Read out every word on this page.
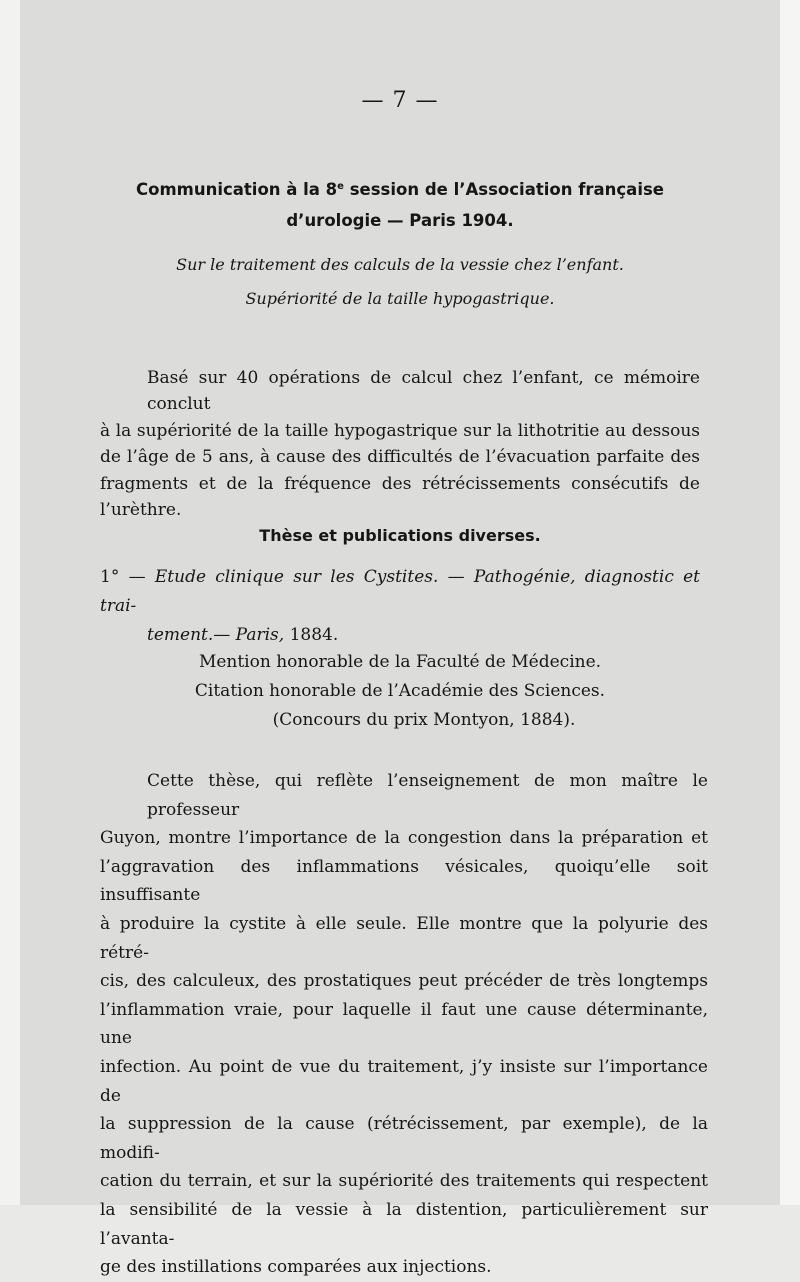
— 7 —
Communication à la 8e session de l’Association française
d’urologie — Paris 1904.
Sur le traitement des calculs de la vessie chez l’enfant.
Supériorité de la taille hypogastrique.
Basé sur 40 opérations de calcul chez l’enfant, ce mémoire conclut
à la supériorité de la taille hypogastrique sur la lithotritie au dessous
de l’âge de 5 ans, à cause des difficultés de l’évacuation parfaite des
fragments et de la fréquence des rétrécissements consécutifs de
l’urèthre.
Thèse et publications diverses.
1° — Etude clinique sur les Cystites. — Pathogénie, diagnostic et trai-
tement.— Paris, 1884.
Mention honorable de la Faculté de Médecine.
Citation honorable de l’Académie des Sciences.
(Concours du prix Montyon, 1884).
Cette thèse, qui reflète l’enseignement de mon maître le professeur
Guyon, montre l’importance de la congestion dans la préparation et
l’aggravation des inflammations vésicales, quoiqu’elle soit insuffisante
à produire la cystite à elle seule. Elle montre que la polyurie des rétré-
cis, des calculeux, des prostatiques peut précéder de très longtemps
l’inflammation vraie, pour laquelle il faut une cause déterminante, une
infection. Au point de vue du traitement, j’y insiste sur l’importance de
la suppression de la cause (rétrécissement, par exemple), de la modifi-
cation du terrain, et sur la supériorité des traitements qui respectent
la sensibilité de la vessie à la distention, particulièrement sur l’avanta-
ge des instillations comparées aux injections.
